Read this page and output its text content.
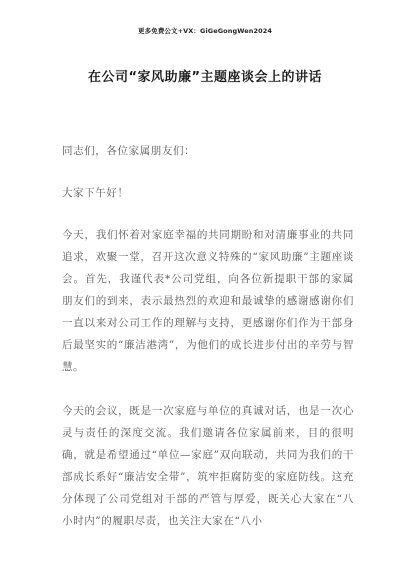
更多免费公文+VX：GiGeGongWen2024
在公司“家风助廉”主题座谈会上的讲话

同志们，各位家属朋友们：

大家下午好！

今天，我们怀着对家庭幸福的共同期盼和对清廉事业的共同追求，欢聚一堂，召开这次意义特殊的“家风助廉”主题座谈会。首先，我谨代表*公司党组，向各位新提职干部的家属朋友们的到来，表示最热烈的欢迎和最诚挚的感谢感谢你们一直以来对公司工作的理解与支持，更感谢你们作为干部身后最坚实的“廉洁港湾”，为他们的成长进步付出的辛劳与智慧。

今天的会议，既是一次家庭与单位的真诚对话，也是一次心灵与责任的深度交流。我们邀请各位家属前来，目的很明确，就是希望通过“单位—家庭”双向联动，共同为我们的干部成长系好“廉洁安全带”，筑牢拒腐防变的家庭防线。这充分体现了公司党组对干部的严管与厚爱，既关心大家在“八小时内”的履职尽责，也关注大家在“八小
